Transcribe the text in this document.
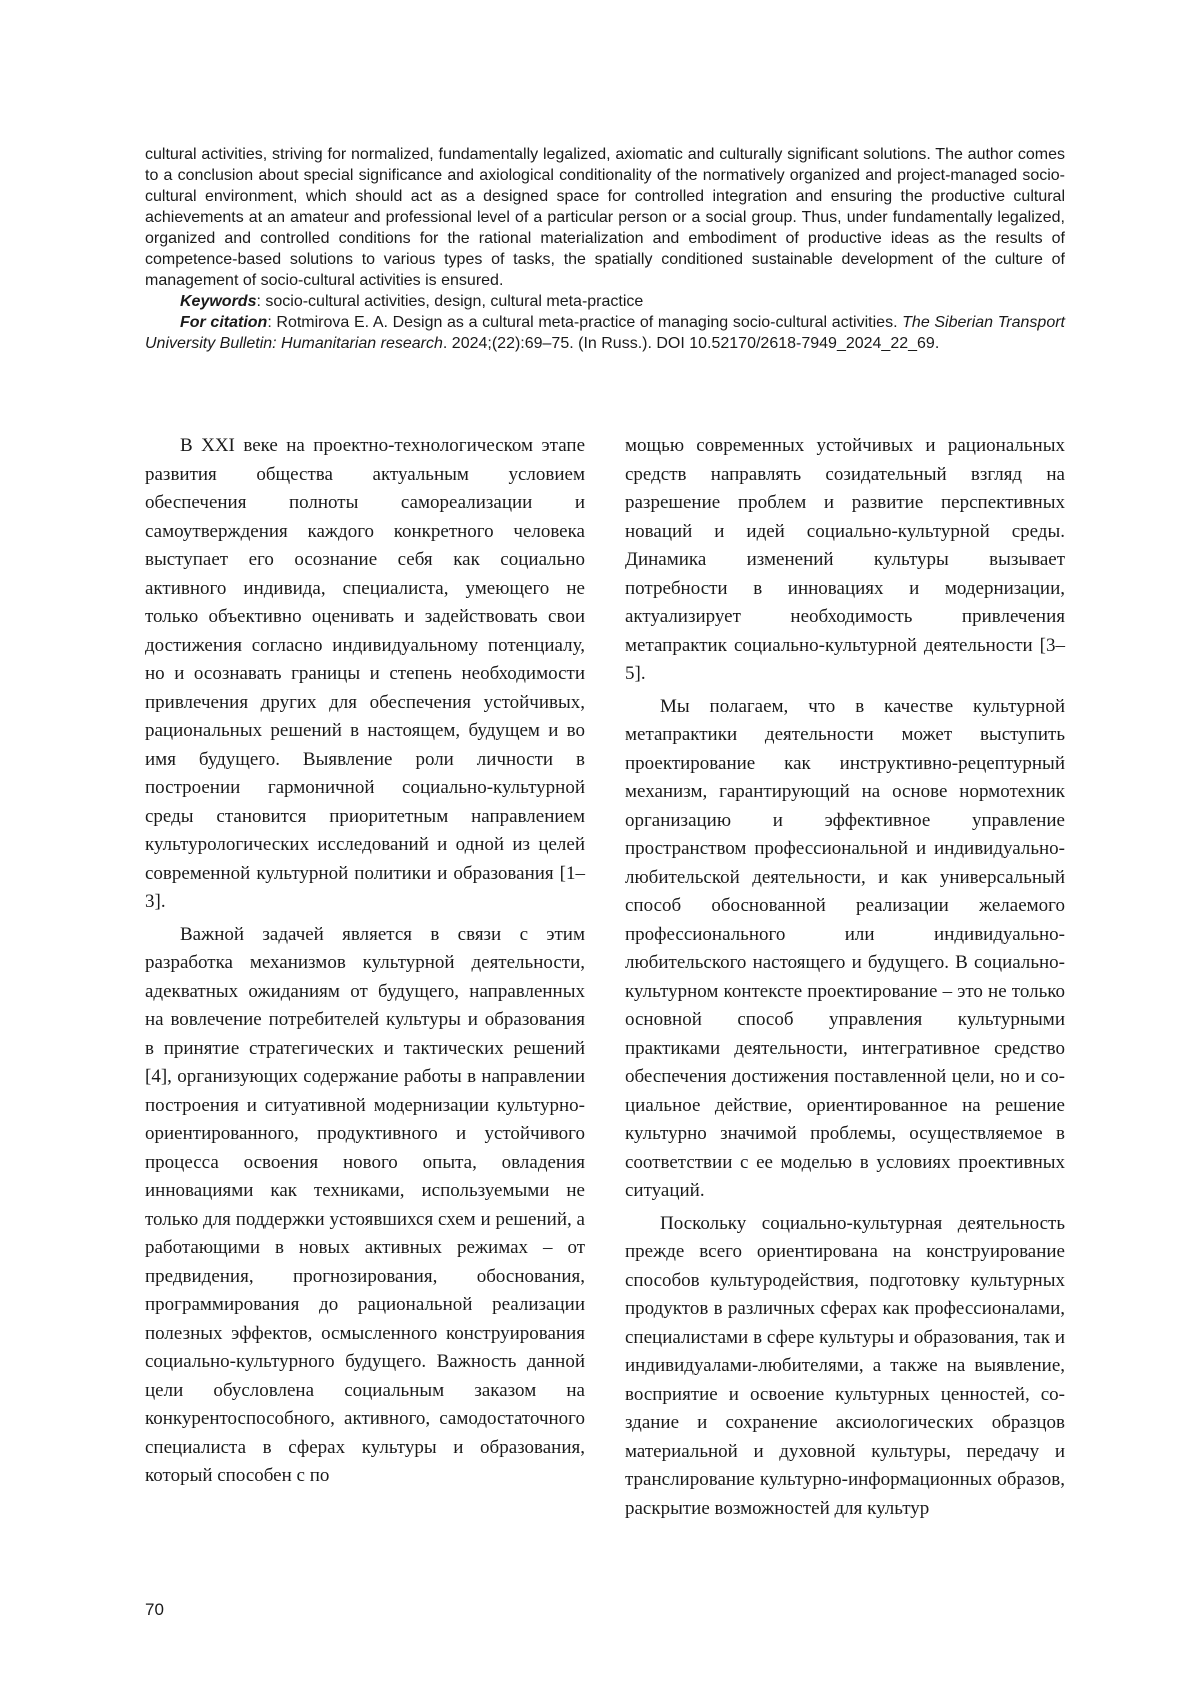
cultural activities, striving for normalized, fundamentally legalized, axiomatic and culturally significant solutions. The author comes to a conclusion about special significance and axiological conditionality of the normatively organized and project-managed socio-cultural environment, which should act as a designed space for controlled integration and ensuring the productive cultural achievements at an amateur and professional level of a particular person or a social group. Thus, under fundamentally legalized, organized and controlled conditions for the rational materialization and embodiment of productive ideas as the results of competence-based solutions to various types of tasks, the spatially conditioned sustainable development of the culture of management of socio-cultural activities is ensured.

Keywords: socio-cultural activities, design, cultural meta-practice

For citation: Rotmirova E. A. Design as a cultural meta-practice of managing socio-cultural activities. The Siberian Transport University Bulletin: Humanitarian research. 2024;(22):69–75. (In Russ.). DOI 10.52170/2618-7949_2024_22_69.

В XXI веке на проектно-технологическом этапе развития общества актуальным условием обеспечения полноты самореализации и самоутверждения каждого конкретного человека выступает его осознание себя как социально активного индивида, специалиста, умеющего не только объективно оценивать и задействовать свои достижения согласно индивидуальному потенциалу, но и осознавать границы и степень необходимости привлечения других для обеспечения устойчивых, рациональных решений в настоящем, будущем и во имя будущего. Выявление роли личности в построении гармоничной социально-культурной среды становится приоритетным направлением культурологических исследований и одной из целей современной культурной политики и образования [1–3].

Важной задачей является в связи с этим разработка механизмов культурной деятельности, адекватных ожиданиям от будущего, направленных на вовлечение потребителей культуры и образования в принятие стратегических и тактических решений [4], организующих содержание работы в направлении построения и ситуативной модернизации культурно-ориентированного, продуктивного и устойчивого процесса освоения нового опыта, овладения инновациями как техниками, используемыми не только для поддержки устоявшихся схем и решений, а работающими в новых активных режимах – от предвидения, прогнозирования, обоснования, программирования до рациональной реализации полезных эффектов, осмысленного конструирования социально-культурного будущего. Важность данной цели обусловлена социальным заказом на конкурентоспособного, активного, самодостаточного специалиста в сферах культуры и образования, который способен с по

мощью современных устойчивых и рациональных средств направлять созидательный взгляд на разрешение проблем и развитие перспективных новаций и идей социально-культурной среды. Динамика изменений культуры вызывает потребности в инновациях и модернизации, актуализирует необходимость привлечения метапрактик социально-культурной деятельности [3–5].

Мы полагаем, что в качестве культурной метапрактики деятельности может выступить проектирование как инструктивно-рецептурный механизм, гарантирующий на основе нормотехник организацию и эффективное управление пространством профессиональной и индивидуально-любительской деятельности, и как универсальный способ обоснованной реализации желаемого профессионального или индивидуально-любительского настоящего и будущего. В социально-культурном контексте проектирование – это не только основной способ управления культурными практиками деятельности, интегративное средство обеспечения достижения поставленной цели, но и социальное действие, ориентированное на решение культурно значимой проблемы, осуществляемое в соответствии с ее моделью в условиях проективных ситуаций.

Поскольку социально-культурная деятельность прежде всего ориентирована на конструирование способов культуродействия, подготовку культурных продуктов в различных сферах как профессионалами, специалистами в сфере культуры и образования, так и индивидуалами-любителями, а также на выявление, восприятие и освоение культурных ценностей, создание и сохранение аксиологических образцов материальной и духовной культуры, передачу и транслирование культурно-информационных образов, раскрытие возможностей для культур

70
